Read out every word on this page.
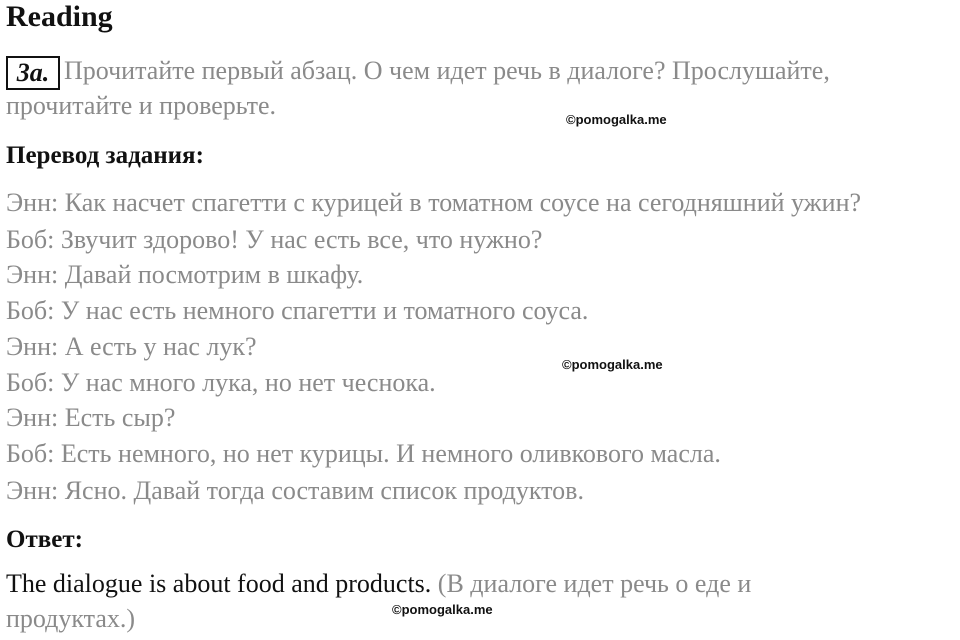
Reading
3a. Прочитайте первый абзац. О чем идет речь в диалоге? Прослушайте,
прочитайте и проверьте.	©pomogalka.me
Перевод задания:
Энн: Как насчет спагетти с курицей в томатном соусе на сегодняшний ужин?
Боб: Звучит здорово! У нас есть все, что нужно?
Энн: Давай посмотрим в шкафу.
Боб: У нас есть немного спагетти и томатного соуса.
Энн: А есть у нас лук?
©pomogalka.me
Боб: У нас много лука, но нет чеснока.
Энн: Есть сыр?
Боб: Есть немного, но нет курицы. И немного оливкового масла.
Энн: Ясно. Давай тогда составим список продуктов.
Ответ:
The dialogue is about food and products. (В диалоге идет речь о еде и
продуктах.)	©pomogalka.me
